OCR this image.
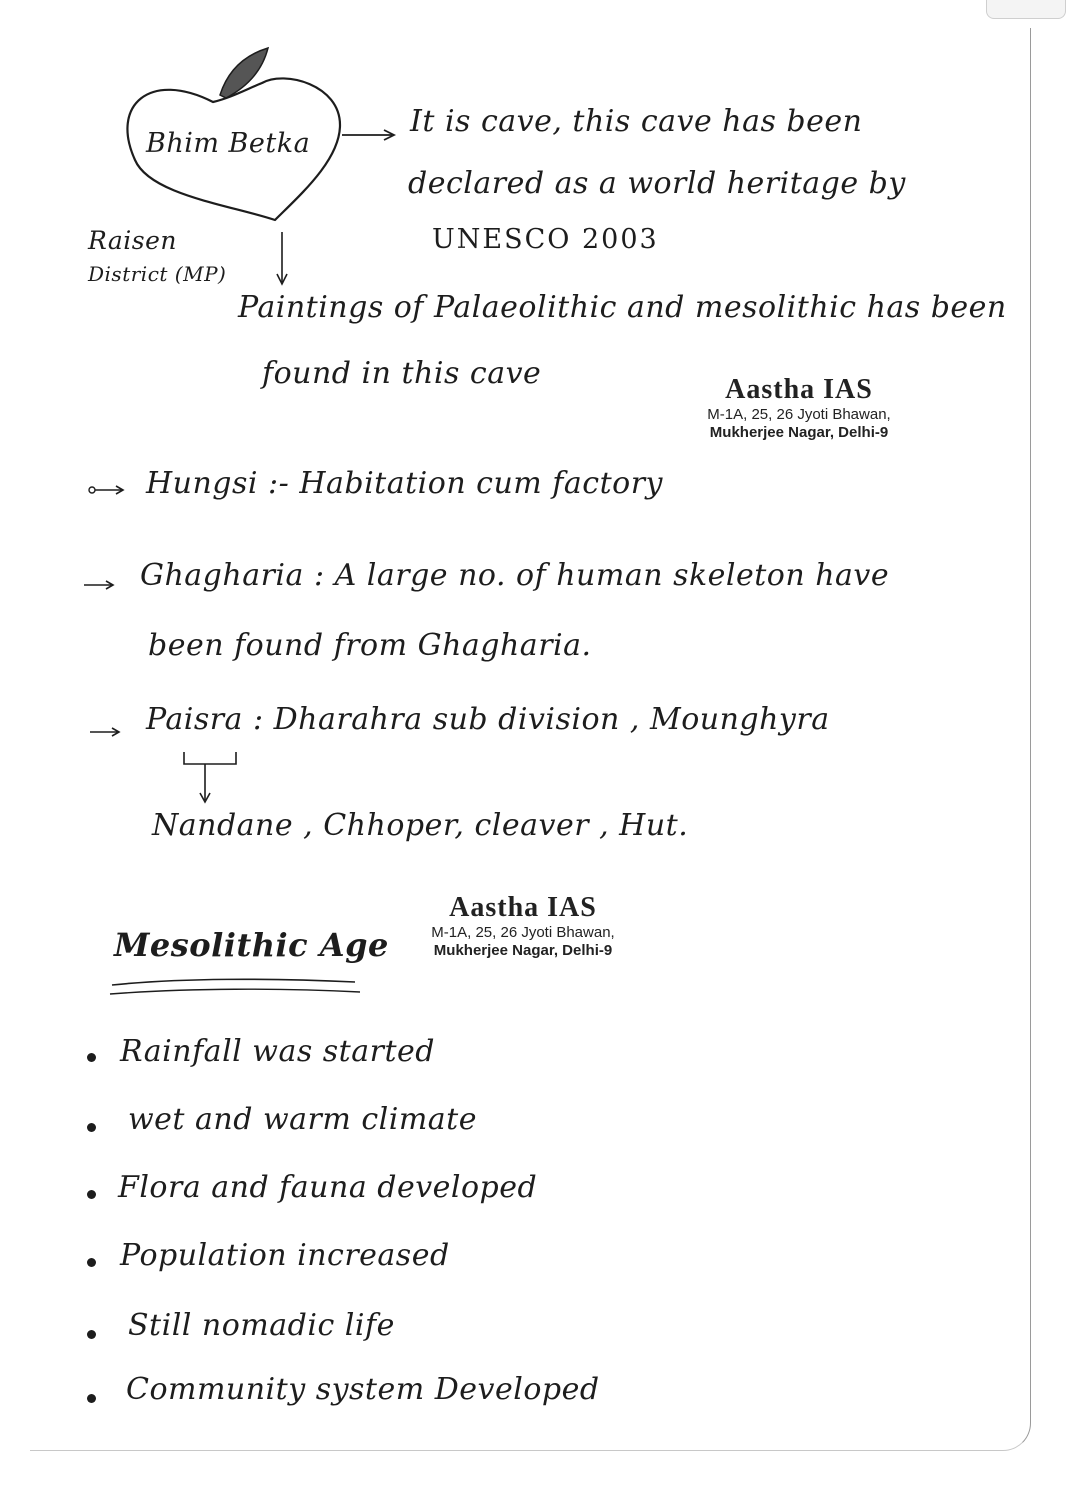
Bhim Betka
It is cave, this cave has been
declared as a world heritage by
UNESCO 2003
Raisen
District (MP)
Paintings of Palaeolithic and mesolithic has been
found in this cave	Aastha IAS
M-1A, 25, 26 Jyoti Bhawan,
Mukherjee Nagar, Delhi-9
Hungsi :- Habitation cum factory
Ghagharia : A large no. of human skeleton have
been found from Ghagharia.
Paisra : Dharahra sub division , Mounghyra
Nandane , Chhoper, cleaver , Hut.
Mesolithic Age
Aastha IAS
M-1A, 25, 26 Jyoti Bhawan,
Mukherjee Nagar, Delhi-9
Rainfall was started
wet and warm climate
Flora and fauna developed
Population increased
Still nomadic life
Community system Developed
